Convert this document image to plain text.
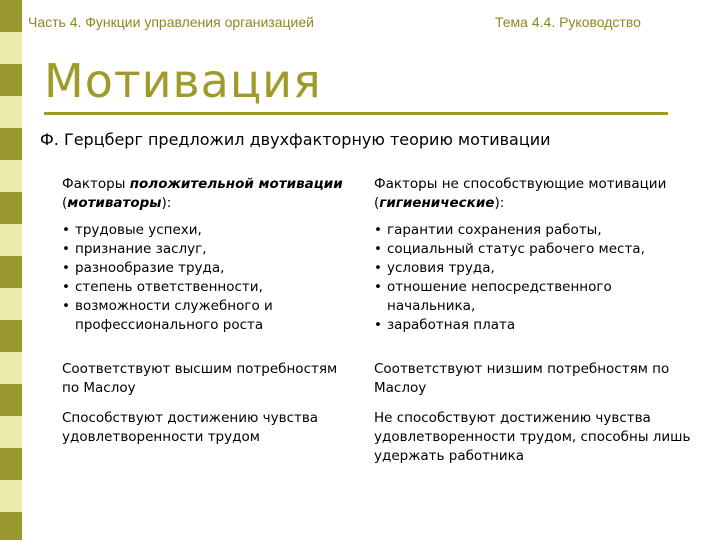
Часть 4. Функции управления организацией	Тема 4.4. Руководство
Мотивация
Ф. Герцберг предложил двухфакторную теорию мотивации

Факторы положительной мотивации (мотиваторы):

• трудовые успехи,
• признание заслуг,
• разнообразие труда,
• степень ответственности,
• возможности служебного и профессионального роста

Факторы не способствующие мотивации (гигиенические):

• гарантии сохранения работы,
• социальный статус рабочего места,
• условия труда,
• отношение непосредственного начальника,
• заработная плата
Соответствуют высшим потребностям по Маслоу
Способствуют достижению чувства удовлетворенности трудом
Соответствуют низшим потребностям по Маслоу
Не способствуют достижению чувства удовлетворенности трудом, способны лишь удержать работника
